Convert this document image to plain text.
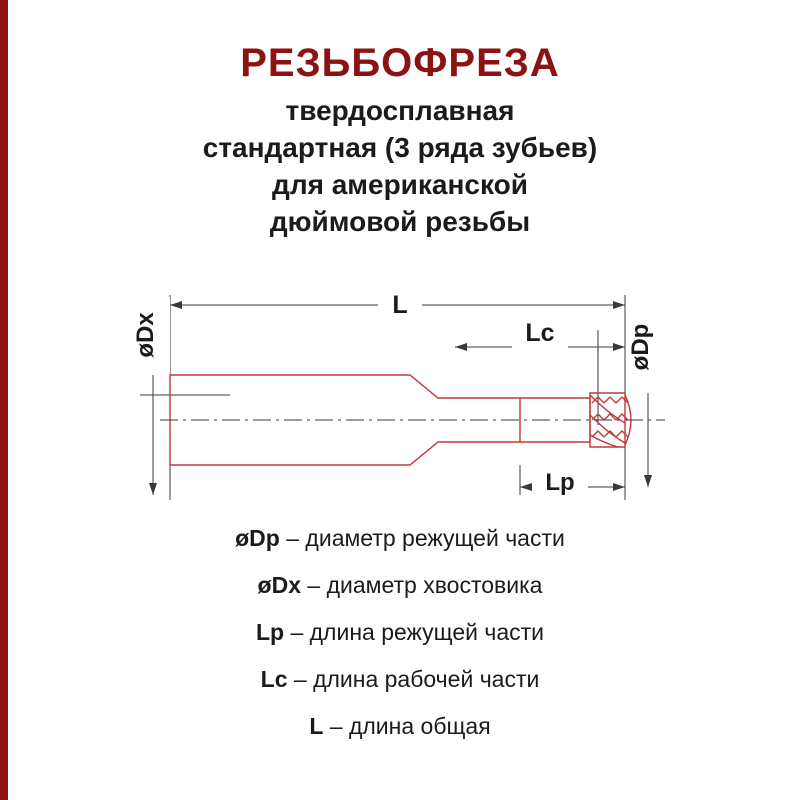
РЕЗЬБОФРЕЗА
твердосплавная
стандартная (3 ряда зубьев)
для американской
дюймовой резьбы
L
Lc
Lp
øDx	øDp
øDp – диаметр режущей части
øDx – диаметр хвостовика
Lp – длина режущей части
Lc – длина рабочей части
L – длина общая
